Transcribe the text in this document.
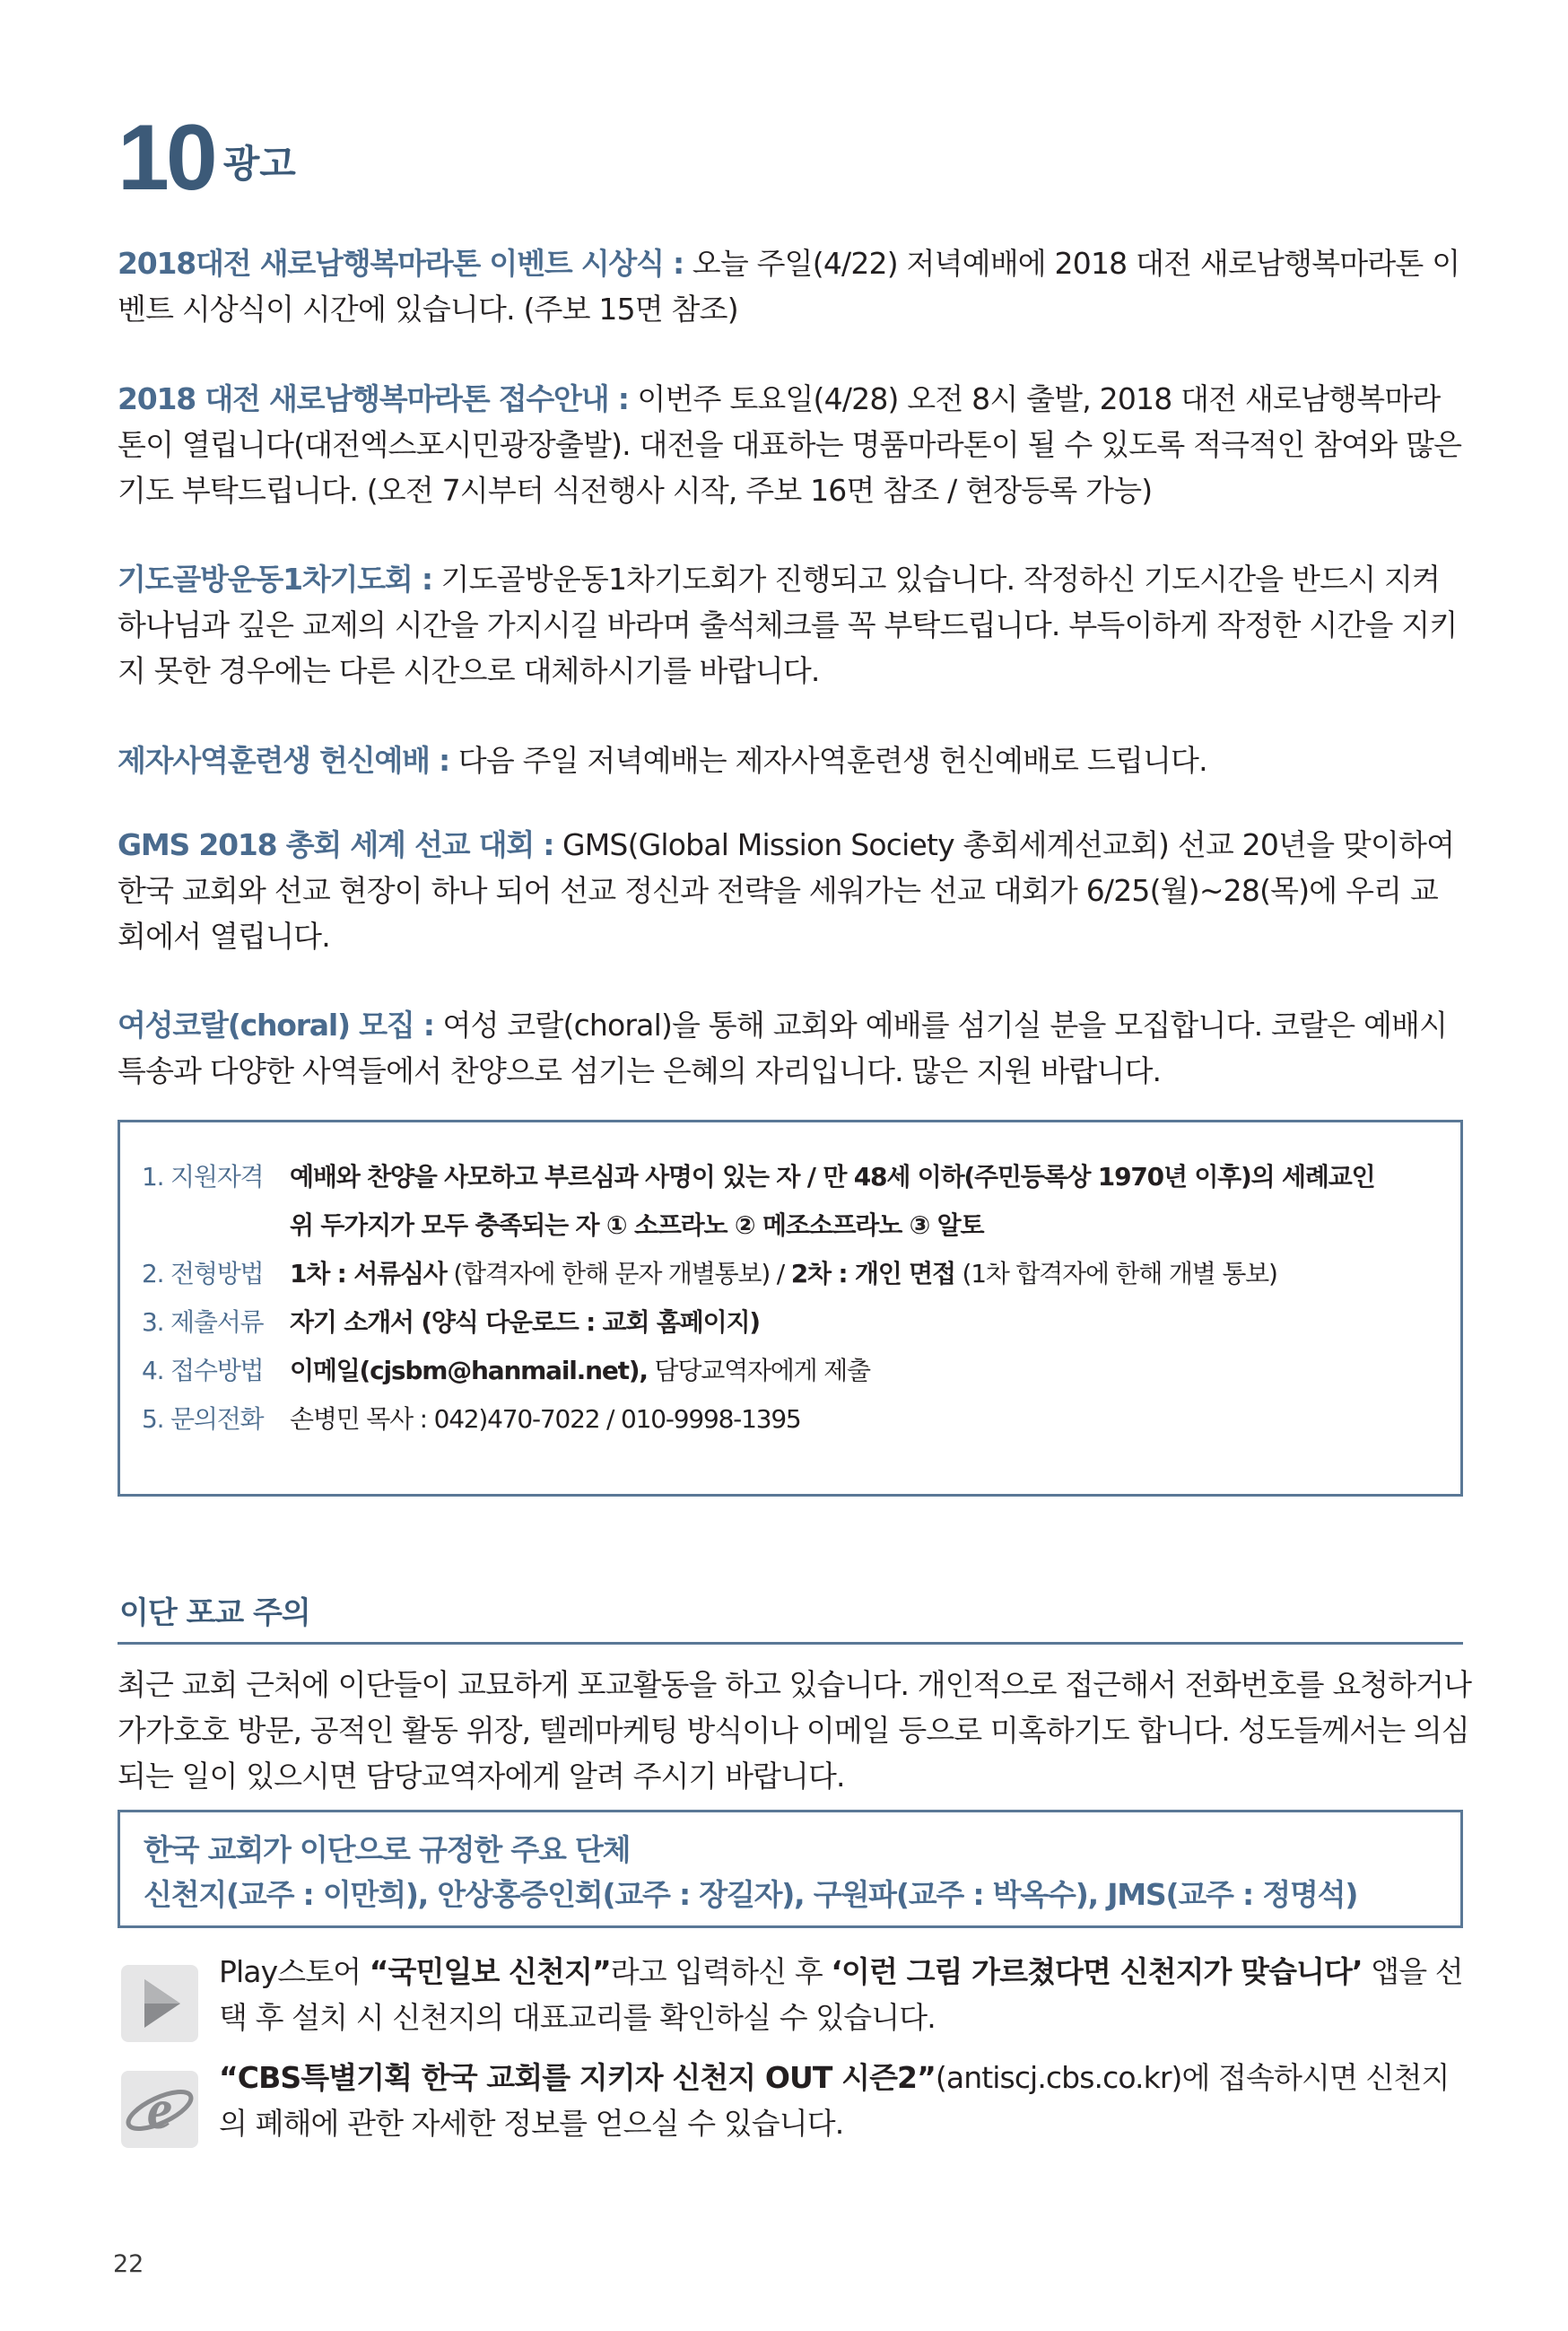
10 광고
2018대전 새로남행복마라톤 이벤트 시상식 : 오늘 주일(4/22) 저녁예배에 2018 대전 새로남행복마라톤 이벤트 시상식이 시간에 있습니다. (주보 15면 참조)
2018 대전 새로남행복마라톤 접수안내 : 이번주 토요일(4/28) 오전 8시 출발, 2018 대전 새로남행복마라톤이 열립니다(대전엑스포시민광장출발). 대전을 대표하는 명품마라톤이 될 수 있도록 적극적인 참여와 많은 기도 부탁드립니다. (오전 7시부터 식전행사 시작, 주보 16면 참조 / 현장등록 가능)
기도골방운동1차기도회 : 기도골방운동1차기도회가 진행되고 있습니다. 작정하신 기도시간을 반드시 지켜 하나님과 깊은 교제의 시간을 가지시길 바라며 출석체크를 꼭 부탁드립니다. 부득이하게 작정한 시간을 지키지 못한 경우에는 다른 시간으로 대체하시기를 바랍니다.
제자사역훈련생 헌신예배 : 다음 주일 저녁예배는 제자사역훈련생 헌신예배로 드립니다.
GMS 2018 총회 세계 선교 대회 : GMS(Global Mission Society 총회세계선교회) 선교 20년을 맞이하여 한국 교회와 선교 현장이 하나 되어 선교 정신과 전략을 세워가는 선교 대회가 6/25(월)~28(목)에 우리 교회에서 열립니다.
여성코랄(choral) 모집 : 여성 코랄(choral)을 통해 교회와 예배를 섬기실 분을 모집합니다. 코랄은 예배시 특송과 다양한 사역들에서 찬양으로 섬기는 은혜의 자리입니다. 많은 지원 바랍니다.
1. 지원자격 예배와 찬양을 사모하고 부르심과 사명이 있는 자 / 만 48세 이하(주민등록상 1970년 이후)의 세례교인
위 두가지가 모두 충족되는 자 ① 소프라노 ② 메조소프라노 ③ 알토
2. 전형방법 1차 : 서류심사 (합격자에 한해 문자 개별통보) / 2차 : 개인 면접 (1차 합격자에 한해 개별 통보)
3. 제출서류 자기 소개서 (양식 다운로드 : 교회 홈페이지)
4. 접수방법 이메일(cjsbm@hanmail.net), 담당교역자에게 제출
5. 문의전화 손병민 목사 : 042)470-7022 / 010-9998-1395
이단 포교 주의
최근 교회 근처에 이단들이 교묘하게 포교활동을 하고 있습니다. 개인적으로 접근해서 전화번호를 요청하거나 가가호호 방문, 공적인 활동 위장, 텔레마케팅 방식이나 이메일 등으로 미혹하기도 합니다. 성도들께서는 의심되는 일이 있으시면 담당교역자에게 알려 주시기 바랍니다.
한국 교회가 이단으로 규정한 주요 단체
신천지(교주 : 이만희), 안상홍증인회(교주 : 장길자), 구원파(교주 : 박옥수), JMS(교주 : 정명석)
Play스토어 “국민일보 신천지”라고 입력하신 후 ‘이런 그림 가르쳤다면 신천지가 맞습니다’ 앱을 선택 후 설치 시 신천지의 대표교리를 확인하실 수 있습니다.
e “CBS특별기획 한국 교회를 지키자 신천지 OUT 시즌2”(antiscj.cbs.co.kr)에 접속하시면 신천지의 폐해에 관한 자세한 정보를 얻으실 수 있습니다.
22
